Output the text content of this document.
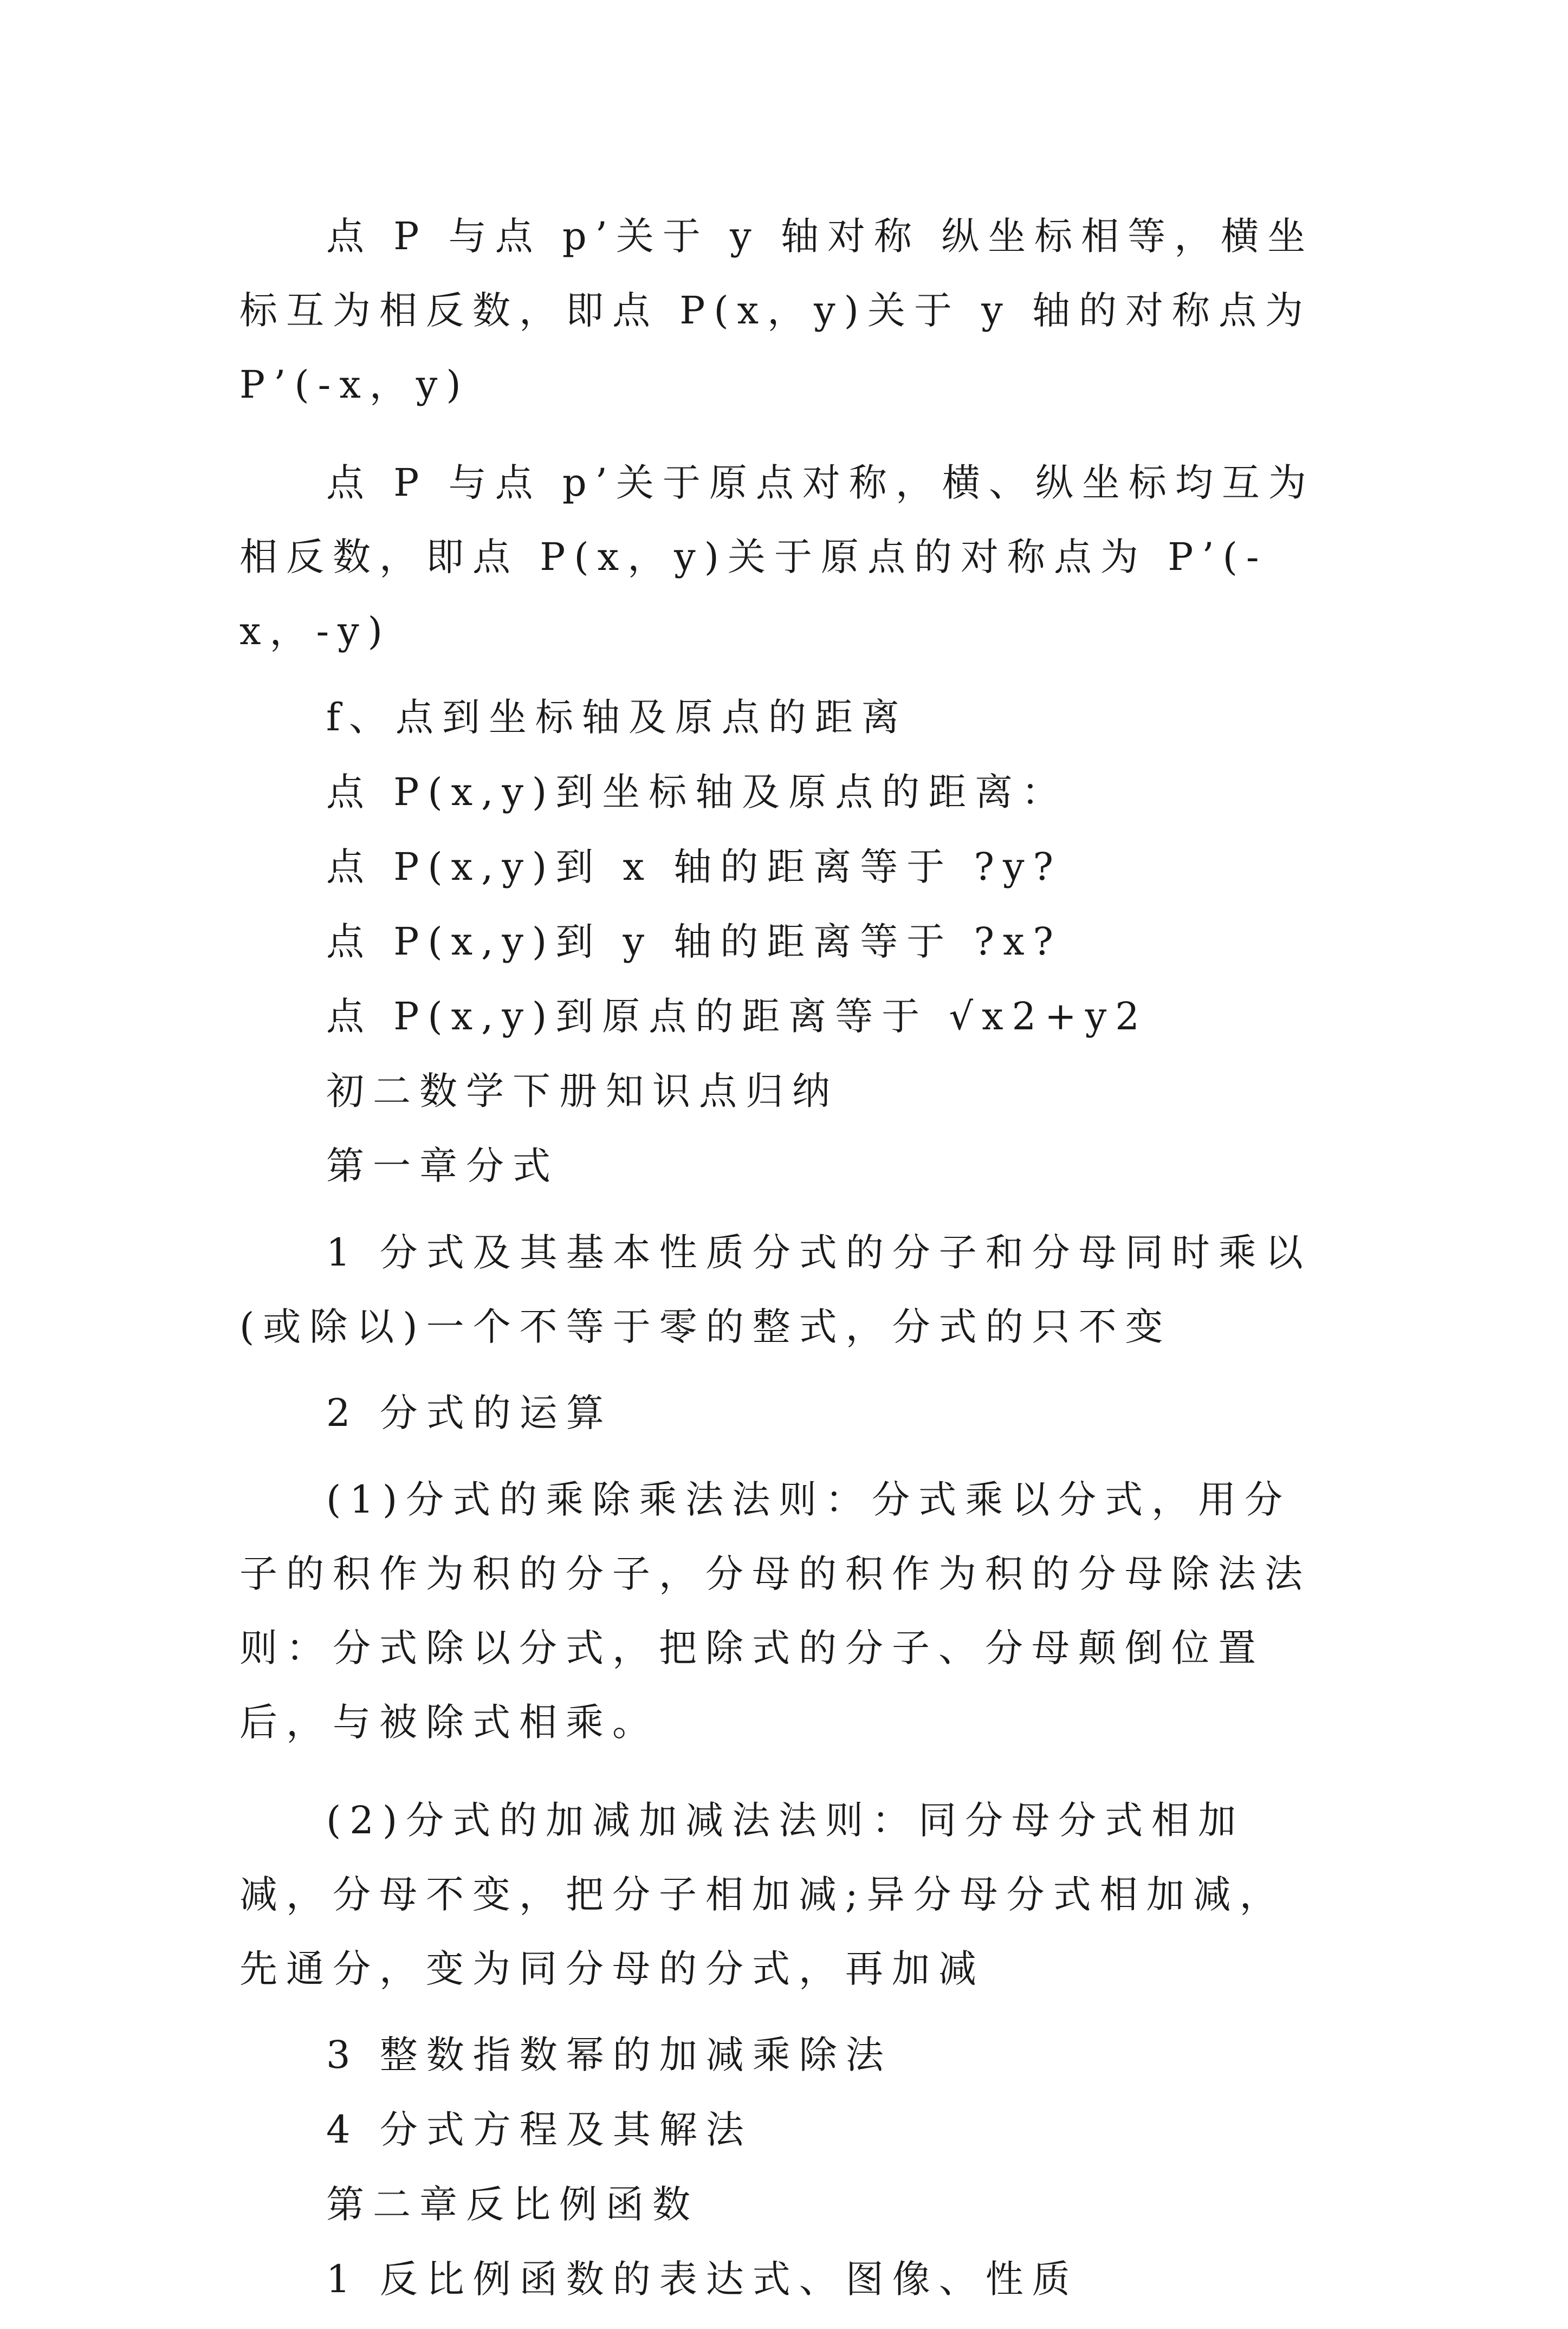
点 P 与点 p’关于 y 轴对称 纵坐标相等，横坐标互为相反数，即点 P(x，y)关于 y 轴的对称点为 P’(-x，y)

点 P 与点 p’关于原点对称，横、纵坐标均互为相反数，即点 P(x，y)关于原点的对称点为 P’(-x，-y)

f、点到坐标轴及原点的距离

点 P(x,y)到坐标轴及原点的距离：

点 P(x,y)到 x 轴的距离等于 ?y?

点 P(x,y)到 y 轴的距离等于 ?x?

点 P(x,y)到原点的距离等于 √x2+y2

初二数学下册知识点归纳

第一章分式

1 分式及其基本性质分式的分子和分母同时乘以(或除以)一个不等于零的整式，分式的只不变

2 分式的运算

(1)分式的乘除乘法法则：分式乘以分式，用分子的积作为积的分子，分母的积作为积的分母除法法则：分式除以分式，把除式的分子、分母颠倒位置后，与被除式相乘。

(2)分式的加减加减法法则：同分母分式相加减，分母不变，把分子相加减;异分母分式相加减，先通分，变为同分母的分式，再加减

3 整数指数幂的加减乘除法

4 分式方程及其解法

第二章反比例函数

1 反比例函数的表达式、图像、性质
